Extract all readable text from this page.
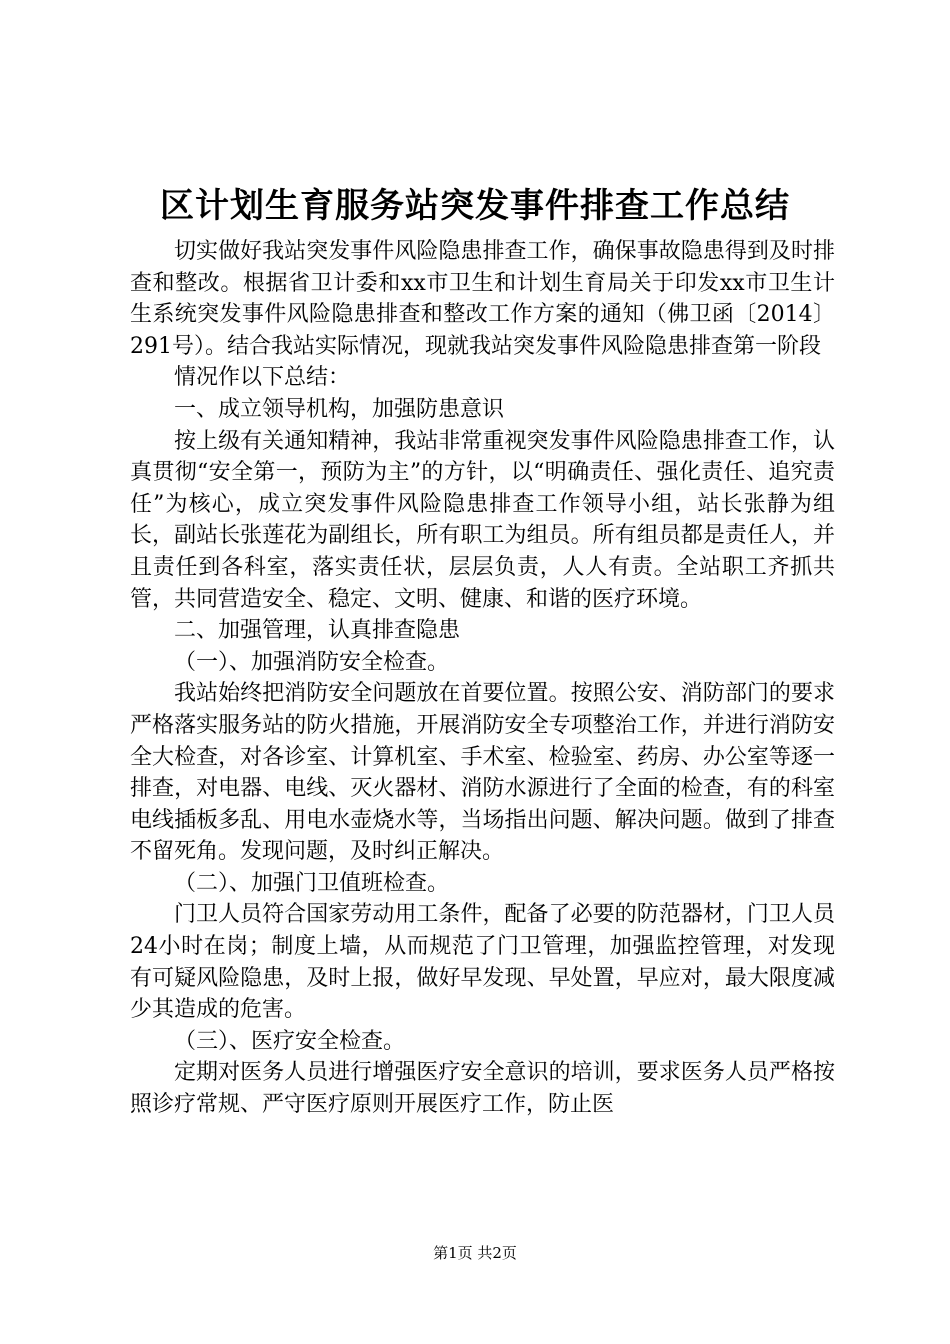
区计划生育服务站突发事件排查工作总结

切实做好我站突发事件风险隐患排查工作，确保事故隐患得到及时排查和整改。根据省卫计委和xx市卫生和计划生育局关于印发xx市卫生计生系统突发事件风险隐患排查和整改工作方案的通知（佛卫函〔2014〕291号）。结合我站实际情况，现就我站突发事件风险隐患排查第一阶段

情况作以下总结：

一、成立领导机构，加强防患意识

按上级有关通知精神，我站非常重视突发事件风险隐患排查工作，认真贯彻“安全第一，预防为主”的方针，以“明确责任、强化责任、追究责任”为核心，成立突发事件风险隐患排查工作领导小组，站长张静为组长，副站长张莲花为副组长，所有职工为组员。所有组员都是责任人，并且责任到各科室，落实责任状，层层负责，人人有责。全站职工齐抓共管，共同营造安全、稳定、文明、健康、和谐的医疗环境。

二、加强管理，认真排查隐患

（一）、加强消防安全检查。

我站始终把消防安全问题放在首要位置。按照公安、消防部门的要求严格落实服务站的防火措施，开展消防安全专项整治工作，并进行消防安全大检查，对各诊室、计算机室、手术室、检验室、药房、办公室等逐一排查，对电器、电线、灭火器材、消防水源进行了全面的检查，有的科室电线插板多乱、用电水壶烧水等，当场指出问题、解决问题。做到了排查不留死角。发现问题，及时纠正解决。

（二）、加强门卫值班检查。

门卫人员符合国家劳动用工条件，配备了必要的防范器材，门卫人员24小时在岗；制度上墙，从而规范了门卫管理，加强监控管理，对发现有可疑风险隐患，及时上报，做好早发现、早处置，早应对，最大限度减少其造成的危害。

（三）、医疗安全检查。

定期对医务人员进行增强医疗安全意识的培训，要求医务人员严格按照诊疗常规、严守医疗原则开展医疗工作，防止医

第1页 共2页
